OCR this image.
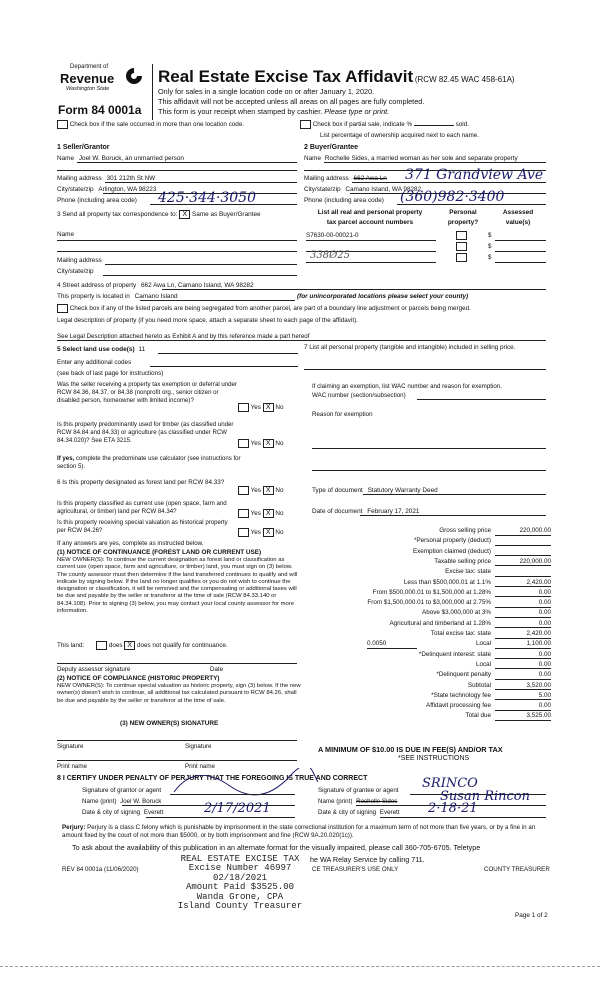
Department of
Revenue
Washington State
Form 84 0001a
Real Estate Excise Tax Affidavit (RCW 82.45 WAC 458-61A)
Only for sales in a single location code on or after January 1, 2020.
This affidavit will not be accepted unless all areas on all pages are fully completed.
This form is your receipt when stamped by cashier. Please type or print.
Check box if the sale occurred in more than one location code.	Check box if partial sale, indicate %	sold.
List percentage of ownership acquired next to each name.
1 Seller/Grantor
Name Joel W. Boruck, an unmarried person
Mailing address 301 212th St NW
City/state/zip Arlington, WA 98223
Phone (including area code) 425·344·3050
2 Buyer/Grantee
Name Rochelle Sides, a married woman as her sole and separate property
Mailing address 662 Awa Ln 371 Grandview Ave
City/state/zip Camano Island, WA 98282
Phone (including area code) (360)982·3400
3 Send all property tax correspondence to: X Same as Buyer/Grantee
Name
Mailing address
City/state/zip
List all real and personal property
tax parcel account numbers
Personal
property?
Assessed
value(s)
S7630-00-00021-0	$
$
338Ø25	$
4 Street address of property 662 Awa Ln, Camano Island, WA 98282
This property is located in Camano Island	(for unincorporated locations please select your county)
Check box if any of the listed parcels are being segregated from another parcel, are part of a boundary line adjustment or parcels being merged.
Legal description of property (if you need more space, attach a separate sheet to each page of the affidavit).
See Legal Description attached hereto as Exhibit A and by this reference made a part hereof
5 Select land use code(s) 11
Enter any additional codes
(see back of last page for instructions)
Was the seller receiving a property tax exemption or deferral under RCW 84.36, 84.37, or 84.38 (nonprofit org., senior citizen or disabled person, homeowner with limited income)?
Yes X No
Is this property predominantly used for timber (as classified under RCW 84.84 and 84.33) or agriculture (as classified under RCW 84.34.020)? See ETA 3215.	Yes X No
If yes, complete the predominate use calculator (see instructions for section 5).
7 List all personal property (tangible and intangible) included in selling price.
If claiming an exemption, list WAC number and reason for exemption.
WAC number (section/subsection)
Reason for exemption
6 Is this property designated as forest land per RCW 84.33?
Yes X No
Is this property classified as current use (open space, farm and agricultural, or timber) land per RCW 84.34?	Yes X No
Is this property receiving special valuation as historical property per RCW 84.26?	Yes X No
If any answers are yes, complete as instructed below.
(1) NOTICE OF CONTINUANCE (FOREST LAND OR CURRENT USE)
NEW OWNER(S): To continue the current designation as forest land or classification as current use (open space, farm and agriculture, or timber) land, you must sign on (3) below. The county assessor must then determine if the land transferred continues to qualify and will indicate by signing below. If the land no longer qualifies or you do not wish to continue the designation or classification, it will be removed and the compensating or additional taxes will be due and payable by the seller or transferor at the time of sale (RCW 84.33.140 or 84.34.108). Prior to signing (3) below, you may contact your local county assessor for more information.
This land:	does X does not qualify for continuance.
Deputy assessor signature	Date
(2) NOTICE OF COMPLIANCE (HISTORIC PROPERTY)
NEW OWNER(S): To continue special valuation as historic property, sign (3) below. If the new owner(s) doesn't wish to continue, all additional tax calculated pursuant to RCW 84.26, shall be due and payable by the seller or transferor at the time of sale.
(3) NEW OWNER(S) SIGNATURE
Signature	Signature
Print name	Print name
Type of document Statutory Warranty Deed
Date of document February 17, 2021
Gross selling price	220,000.00
*Personal property (deduct)
Exemption claimed (deduct)
Taxable selling price	220,000.00
Excise tax: state
Less than $500,000.01 at 1.1%	2,420.00
From $500,000.01 to $1,500,000 at 1.28%	0.00
From $1,500,000.01 to $3,000,000 at 2.75%	0.00
Above $3,000,000 at 3%	0.00
Agricultural and timberland at 1.28%	0.00
Total excise tax: state	2,420.00
Local
0.0050	1,100.00
*Delinquent interest: state	0.00
Local	0.00
*Delinquent penalty	0.00
Subtotal	3,520.00
*State technology fee	5.00
Affidavit processing fee	0.00
Total due	3,525.00
A MINIMUM OF $10.00 IS DUE IN FEE(S) AND/OR TAX
*SEE INSTRUCTIONS
8 I CERTIFY UNDER PENALTY OF PERJURY THAT THE FOREGOING IS TRUE AND CORRECT
Signature of grantor or agent
Name (print) Joel W. Boruck
Date & city of signing Everett	2/17/2021
Signature of grantee or agent SRINCO
Name (print) Rochelle Sides	Susan Rincon
Date & city of signing Everett 2·18·21
Perjury: Perjury is a class C felony which is punishable by imprisonment in the state correctional institution for a maximum term of not more than five years, or by a fine in an amount fixed by the court of not more than $5000, or by both imprisonment and fine (RCW 9A.20.020(1c)).
To ask about the availability of this publication in an alternate format for the visually impaired, please call 360-705-6705. Teletype
he WA Relay Service by calling 711.
REV 84 0001a (11/06/2020)	CE TREASURER'S USE ONLY	COUNTY TREASURER
REAL ESTATE EXCISE TAX
Excise Number 46997
02/18/2021
Amount Paid $3525.00
Wanda Grone, CPA
Island County Treasurer
Page 1 of 2
